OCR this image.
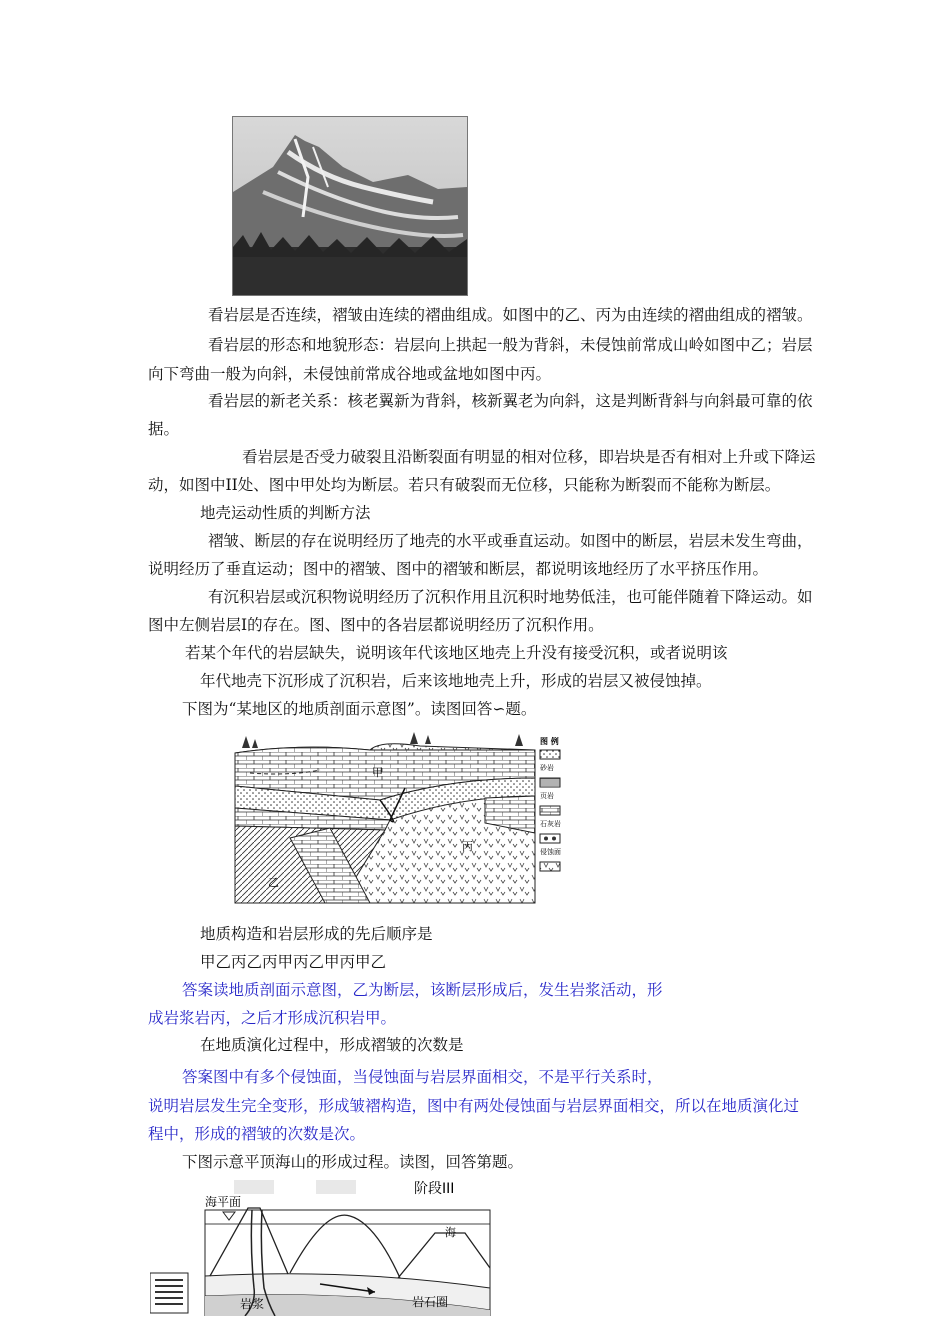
看岩层是否连续，褶皱由连续的褶曲组成。如图中的乙、丙为由连续的褶曲组成的褶皱。
看岩层的形态和地貌形态：岩层向上拱起一般为背斜，未侵蚀前常成山岭如图中乙；岩层
向下弯曲一般为向斜，未侵蚀前常成谷地或盆地如图中丙。
看岩层的新老关系：核老翼新为背斜，核新翼老为向斜，这是判断背斜与向斜最可靠的依
据。
看岩层是否受力破裂且沿断裂面有明显的相对位移，即岩块是否有相对上升或下降运
动，如图中II处、图中甲处均为断层。若只有破裂而无位移，只能称为断裂而不能称为断层。
地壳运动性质的判断方法
褶皱、断层的存在说明经历了地壳的水平或垂直运动。如图中的断层，岩层未发生弯曲，
说明经历了垂直运动；图中的褶皱、图中的褶皱和断层，都说明该地经历了水平挤压作用。
有沉积岩层或沉积物说明经历了沉积作用且沉积时地势低洼，也可能伴随着下降运动。如
图中左侧岩层I的存在。图、图中的各岩层都说明经历了沉积作用。
若某个年代的岩层缺失，说明该年代该地区地壳上升没有接受沉积，或者说明该
年代地壳下沉形成了沉积岩，后来该地地壳上升，形成的岩层又被侵蚀掉。
下图为“某地区的地质剖面示意图”。读图回答∽题。
甲
乙
丙
图 例
砂岩
页岩
石灰岩
侵蚀面
地质构造和岩层形成的先后顺序是
甲乙丙乙丙甲丙乙甲丙甲乙
答案读地质剖面示意图，乙为断层，该断层形成后，发生岩浆活动，形
成岩浆岩丙，之后才形成沉积岩甲。
在地质演化过程中，形成褶皱的次数是
答案图中有多个侵蚀面，当侵蚀面与岩层界面相交，不是平行关系时，
说明岩层发生完全变形，形成皱褶构造，图中有两处侵蚀面与岩层界面相交，所以在地质演化过
程中，形成的褶皱的次数是次。
下图示意平顶海山的形成过程。读图，回答第题。
阶段III
海平面
海
岩浆	岩石圈
